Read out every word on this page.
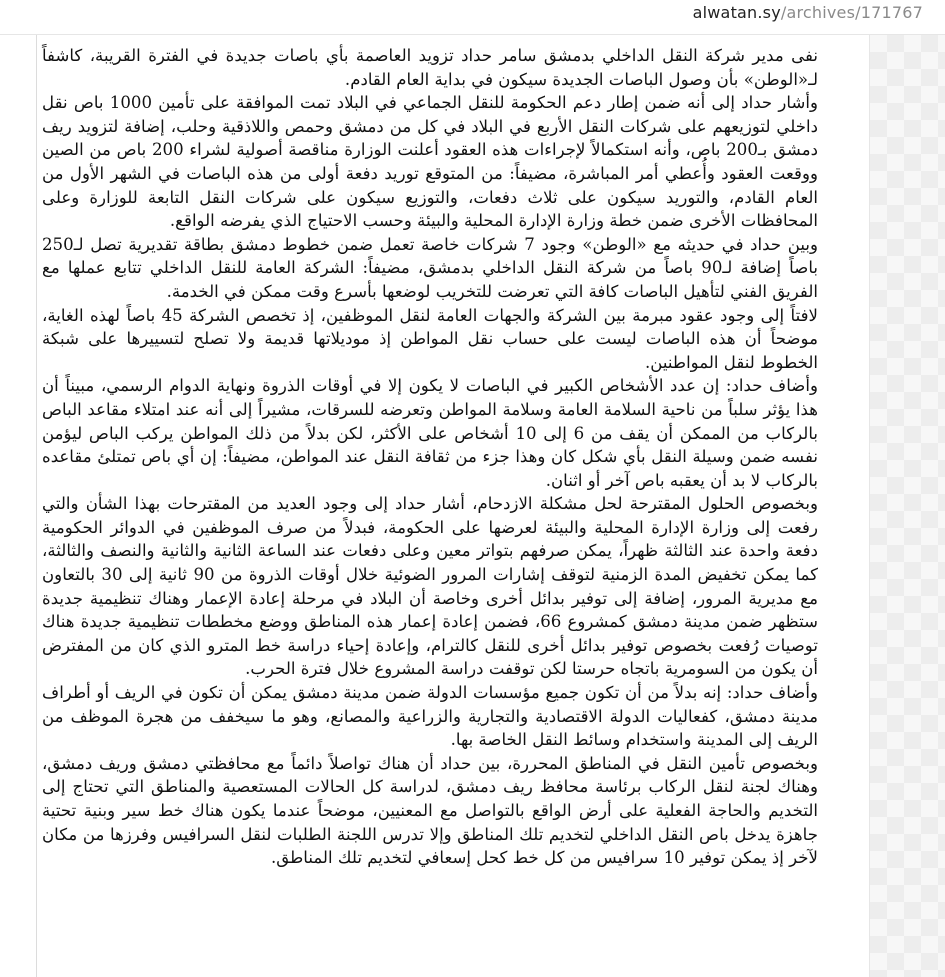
alwatan.sy/archives/171767

نفى مدير شركة النقل الداخلي بدمشق سامر حداد تزويد العاصمة بأي باصات جديدة في الفترة القريبة، كاشفاً لـ«الوطن» بأن وصول الباصات الجديدة سيكون في بداية العام القادم.

وأشار حداد إلى أنه ضمن إطار دعم الحكومة للنقل الجماعي في البلاد تمت الموافقة على تأمين 1000 باص نقل داخلي لتوزيعهم على شركات النقل الأربع في البلاد في كل من دمشق وحمص واللاذقية وحلب، إضافة لتزويد ريف دمشق بـ200 باص، وأنه استكمالاً لإجراءات هذه العقود أعلنت الوزارة مناقصة أصولية لشراء 200 باص من الصين ووقعت العقود وأُعطي أمر المباشرة، مضيفاً: من المتوقع توريد دفعة أولى من هذه الباصات في الشهر الأول من العام القادم، والتوريد سيكون على ثلاث دفعات، والتوزيع سيكون على شركات النقل التابعة للوزارة وعلى المحافظات الأخرى ضمن خطة وزارة الإدارة المحلية والبيئة وحسب الاحتياج الذي يفرضه الواقع.

وبين حداد في حديثه مع «الوطن» وجود 7 شركات خاصة تعمل ضمن خطوط دمشق بطاقة تقديرية تصل لـ250 باصاً إضافة لـ90 باصاً من شركة النقل الداخلي بدمشق، مضيفاً: الشركة العامة للنقل الداخلي تتابع عملها مع الفريق الفني لتأهيل الباصات كافة التي تعرضت للتخريب لوضعها بأسرع وقت ممكن في الخدمة.

لافتاً إلى وجود عقود مبرمة بين الشركة والجهات العامة لنقل الموظفين، إذ تخصص الشركة 45 باصاً لهذه الغاية، موضحاً أن هذه الباصات ليست على حساب نقل المواطن إذ موديلاتها قديمة ولا تصلح لتسييرها على شبكة الخطوط لنقل المواطنين.

وأضاف حداد: إن عدد الأشخاص الكبير في الباصات لا يكون إلا في أوقات الذروة ونهاية الدوام الرسمي، مبيناً أن هذا يؤثر سلباً من ناحية السلامة العامة وسلامة المواطن وتعرضه للسرقات، مشيراً إلى أنه عند امتلاء مقاعد الباص بالركاب من الممكن أن يقف من 6 إلى 10 أشخاص على الأكثر، لكن بدلاً من ذلك المواطن يركب الباص ليؤمن نفسه ضمن وسيلة النقل بأي شكل كان وهذا جزء من ثقافة النقل عند المواطن، مضيفاً: إن أي باص تمتلئ مقاعده بالركاب لا بد أن يعقبه باص آخر أو اثنان.

وبخصوص الحلول المقترحة لحل مشكلة الازدحام، أشار حداد إلى وجود العديد من المقترحات بهذا الشأن والتي رفعت إلى وزارة الإدارة المحلية والبيئة لعرضها على الحكومة، فبدلاً من صرف الموظفين في الدوائر الحكومية دفعة واحدة عند الثالثة ظهراً، يمكن صرفهم بتواتر معين وعلى دفعات عند الساعة الثانية والثانية والنصف والثالثة، كما يمكن تخفيض المدة الزمنية لتوقف إشارات المرور الضوئية خلال أوقات الذروة من 90 ثانية إلى 30 بالتعاون مع مديرية المرور، إضافة إلى توفير بدائل أخرى وخاصة أن البلاد في مرحلة إعادة الإعمار وهناك تنظيمية جديدة ستظهر ضمن مدينة دمشق كمشروع 66، فضمن إعادة إعمار هذه المناطق ووضع مخططات تنظيمية جديدة هناك توصيات رُفعت بخصوص توفير بدائل أخرى للنقل كالترام، وإعادة إحياء دراسة خط المترو الذي كان من المفترض أن يكون من السومرية باتجاه حرستا لكن توقفت دراسة المشروع خلال فترة الحرب.

وأضاف حداد: إنه بدلاً من أن تكون جميع مؤسسات الدولة ضمن مدينة دمشق يمكن أن تكون في الريف أو أطراف مدينة دمشق، كفعاليات الدولة الاقتصادية والتجارية والزراعية والمصانع، وهو ما سيخفف من هجرة الموظف من الريف إلى المدينة واستخدام وسائط النقل الخاصة بها.

وبخصوص تأمين النقل في المناطق المحررة، بين حداد أن هناك تواصلاً دائماً مع محافظتي دمشق وريف دمشق، وهناك لجنة لنقل الركاب برئاسة محافظ ريف دمشق، لدراسة كل الحالات المستعصية والمناطق التي تحتاج إلى التخديم والحاجة الفعلية على أرض الواقع بالتواصل مع المعنيين، موضحاً عندما يكون هناك خط سير وبنية تحتية جاهزة يدخل باص النقل الداخلي لتخديم تلك المناطق وإلا تدرس اللجنة الطلبات لنقل السرافيس وفرزها من مكان لآخر إذ يمكن توفير 10 سرافيس من كل خط كحل إسعافي لتخديم تلك المناطق.
